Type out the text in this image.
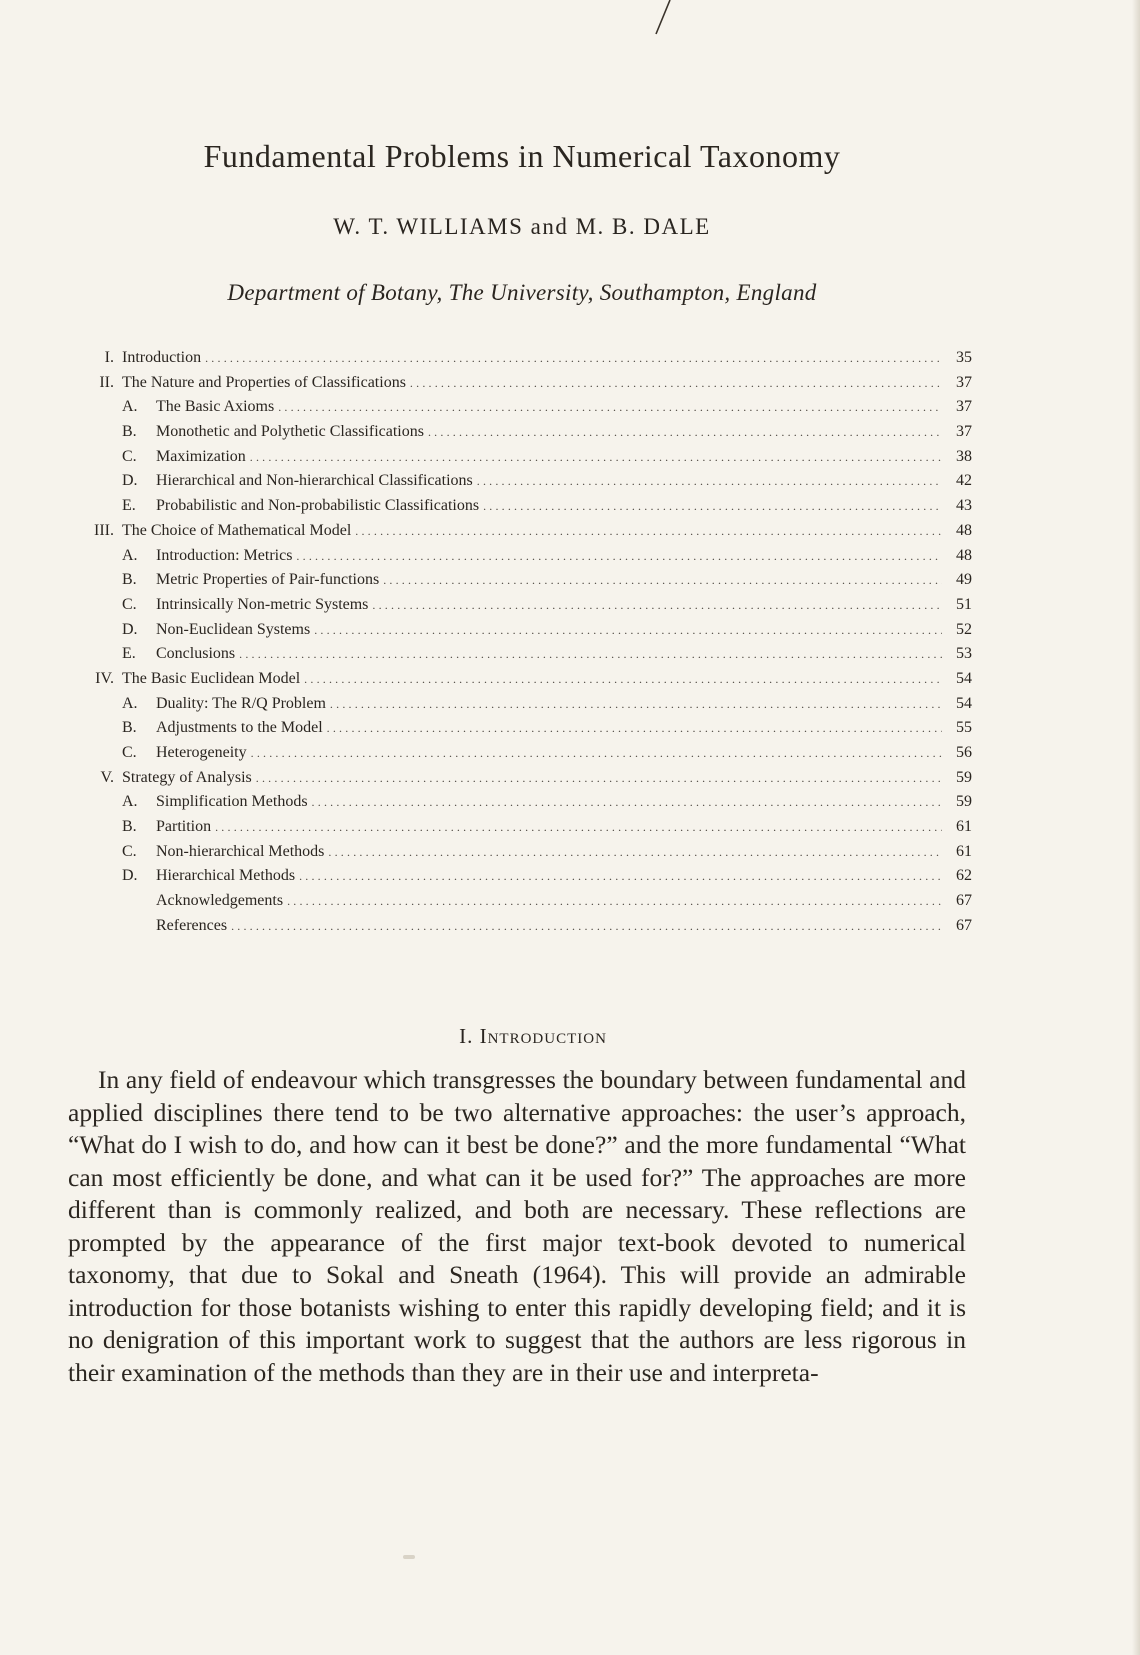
Fundamental Problems in Numerical Taxonomy
W. T. WILLIAMS and M. B. DALE
Department of Botany, The University, Southampton, England
I. Introduction .....	35
II. The Nature and Properties of Classifications .....	37
A.	The Basic Axioms .....	37
B.	Monothetic and Polythetic Classifications .....	37
C.	Maximization .....	38
D.	Hierarchical and Non-hierarchical Classifications .....	42
E.	Probabilistic and Non-probabilistic Classifications .....	43
III. The Choice of Mathematical Model .....	48
A.	Introduction: Metrics .....	48
B.	Metric Properties of Pair-functions .....	49
C.	Intrinsically Non-metric Systems .....	51
D.	Non-Euclidean Systems .....	52
E.	Conclusions .....	53
IV. The Basic Euclidean Model .....	54
A.	Duality: The R/Q Problem .....	54
B.	Adjustments to the Model .....	55
C.	Heterogeneity .....	56
V. Strategy of Analysis .....	59
A.	Simplification Methods .....	59
B.	Partition .....	61
C.	Non-hierarchical Methods .....	61
D.	Hierarchical Methods .....	62
Acknowledgements .....	67
References .....	67
I. Introduction

In any field of endeavour which transgresses the boundary between fundamental and applied disciplines there tend to be two alternative approaches: the user’s approach, “What do I wish to do, and how can it best be done?” and the more fundamental “What can most efficiently be done, and what can it be used for?” The approaches are more different than is commonly realized, and both are necessary. These reflections are prompted by the appearance of the first major text-book devoted to numerical taxonomy, that due to Sokal and Sneath (1964). This will provide an admirable introduction for those botanists wishing to enter this rapidly developing field; and it is no denigration of this important work to suggest that the authors are less rigorous in their examination of the methods than they are in their use and interpreta-
